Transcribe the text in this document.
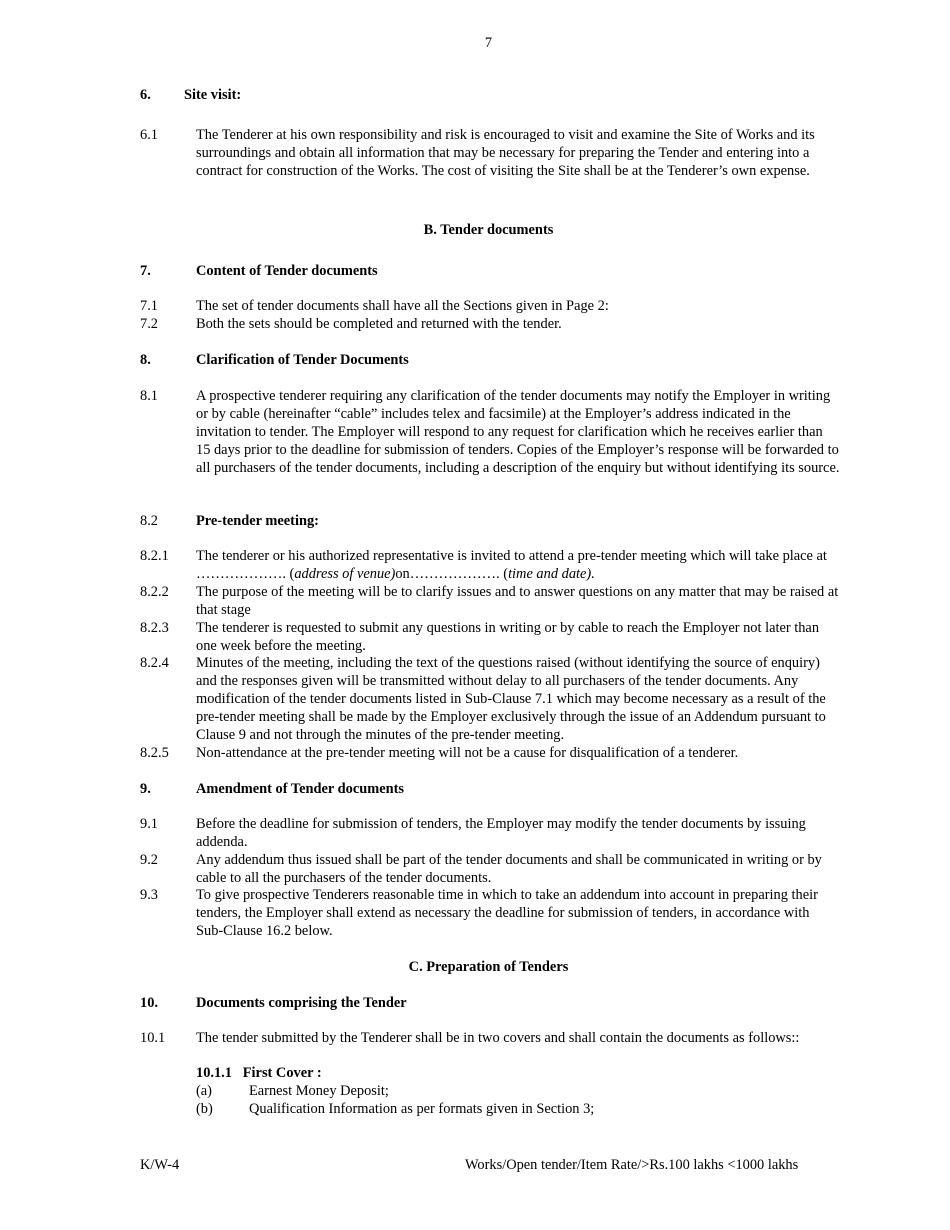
7
6. Site visit:
6.1	The Tenderer at his own responsibility and risk is encouraged to visit and examine the Site of Works and its surroundings and obtain all information that may be necessary for preparing the Tender and entering into a contract for construction of the Works. The cost of visiting the Site shall be at the Tenderer’s own expense.
B. Tender documents
7.	Content of Tender documents
7.1	The set of tender documents shall have all the Sections given in Page 2:
7.2	Both the sets should be completed and returned with the tender.
8.	Clarification of Tender Documents
8.1	A prospective tenderer requiring any clarification of the tender documents may notify the Employer in writing or by cable (hereinafter “cable” includes telex and facsimile) at the Employer’s address indicated in the invitation to tender. The Employer will respond to any request for clarification which he receives earlier than 15 days prior to the deadline for submission of tenders. Copies of the Employer’s response will be forwarded to all purchasers of the tender documents, including a description of the enquiry but without identifying its source.
8.2	Pre-tender meeting:
8.2.1 The tenderer or his authorized representative is invited to attend a pre-tender meeting which will take place at ………………. (address of venue)on………………. (time and date).
8.2.2 The purpose of the meeting will be to clarify issues and to answer questions on any matter that may be raised at that stage
8.2.3 The tenderer is requested to submit any questions in writing or by cable to reach the Employer not later than one week before the meeting.
8.2.4 Minutes of the meeting, including the text of the questions raised (without identifying the source of enquiry) and the responses given will be transmitted without delay to all purchasers of the tender documents. Any modification of the tender documents listed in Sub-Clause 7.1 which may become necessary as a result of the pre-tender meeting shall be made by the Employer exclusively through the issue of an Addendum pursuant to Clause 9 and not through the minutes of the pre-tender meeting.
8.2.5 Non-attendance at the pre-tender meeting will not be a cause for disqualification of a tenderer.
9.	Amendment of Tender documents
9.1	Before the deadline for submission of tenders, the Employer may modify the tender documents by issuing addenda.
9.2	Any addendum thus issued shall be part of the tender documents and shall be communicated in writing or by cable to all the purchasers of the tender documents.
9.3	To give prospective Tenderers reasonable time in which to take an addendum into account in preparing their tenders, the Employer shall extend as necessary the deadline for submission of tenders, in accordance with Sub-Clause 16.2 below.
C. Preparation of Tenders
10.	Documents comprising the Tender
10.1 The tender submitted by the Tenderer shall be in two covers and shall contain the documents as follows::
10.1.1   First Cover :
(a)	Earnest Money Deposit;
(b)	Qualification Information as per formats given in Section 3;
K/W-4	Works/Open tender/Item Rate/>Rs.100 lakhs <1000 lakhs
